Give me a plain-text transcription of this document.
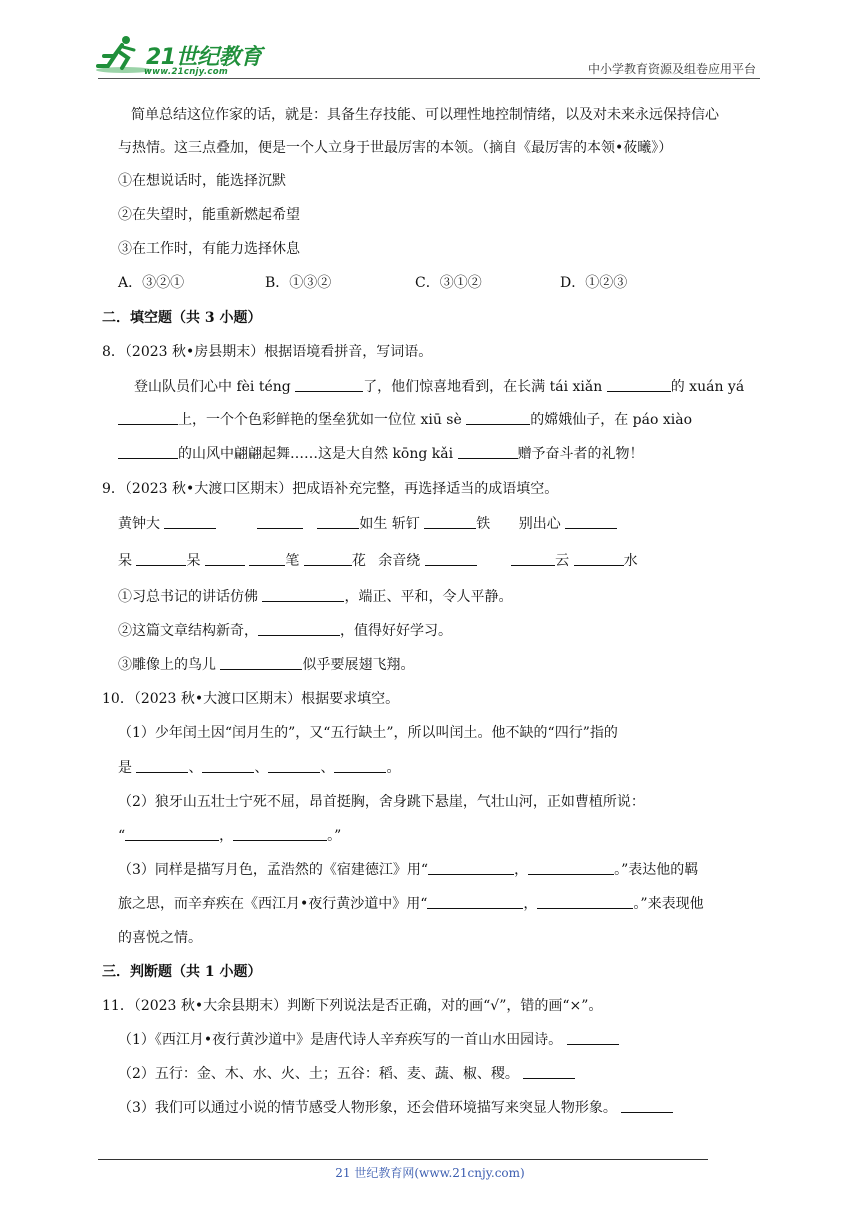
21世纪教育
www.21cnjy.com	中小学教育资源及组卷应用平台
简单总结这位作家的话，就是：具备生存技能、可以理性地控制情绪，以及对未来永远保持信心
与热情。这三点叠加，便是一个人立身于世最厉害的本领。（摘自《最厉害的本领•莜曦》）
①在想说话时，能选择沉默
②在失望时，能重新燃起希望
③在工作时，有能力选择休息
A．③②①	B．①③②	C．③①②	D．①②③
二．填空题（共 3 小题）
8．（2023 秋•房县期末）根据语境看拼音，写词语。
登山队员们心中 fèi téng	了，他们惊喜地看到，在长满 tái xiǎn	的 xuán yá
上，一个个色彩鲜艳的堡垒犹如一位位 xiū sè	的嫦娥仙子，在 páo xiào
的山风中翩翩起舞……这是大自然 kōng kǎi	赠予奋斗者的礼物！
9．（2023 秋•大渡口区期末）把成语补充完整，再选择适当的成语填空。
黄钟大	如生 斩钉	铁 别出心
呆	呆	笔	花 余音绕	云	水
①习总书记的讲话仿佛	，端正、平和，令人平静。
②这篇文章结构新奇，	，值得好好学习。
③雕像上的鸟儿	似乎要展翅飞翔。
10．（2023 秋•大渡口区期末）根据要求填空。
（1）少年闰土因“闰月生的”，又“五行缺土”，所以叫闰土。他不缺的“四行”指的
是	、	、	、	。
（2）狼牙山五壮士宁死不屈，昂首挺胸，舍身跳下悬崖，气壮山河，正如曹植所说：
“	，	。”
（3）同样是描写月色，孟浩然的《宿建德江》用“	，	。”表达他的羁
旅之思，而辛弃疾在《西江月•夜行黄沙道中》用“	，	。”来表现他
的喜悦之情。
三．判断题（共 1 小题）
11．（2023 秋•大余县期末）判断下列说法是否正确，对的画“√”，错的画“×”。
（1）《西江月•夜行黄沙道中》是唐代诗人辛弃疾写的一首山水田园诗。
（2）五行：金、木、水、火、土；五谷：稻、麦、蔬、椒、稷。
（3）我们可以通过小说的情节感受人物形象，还会借环境描写来突显人物形象。
21 世纪教育网(www.21cnjy.com)
